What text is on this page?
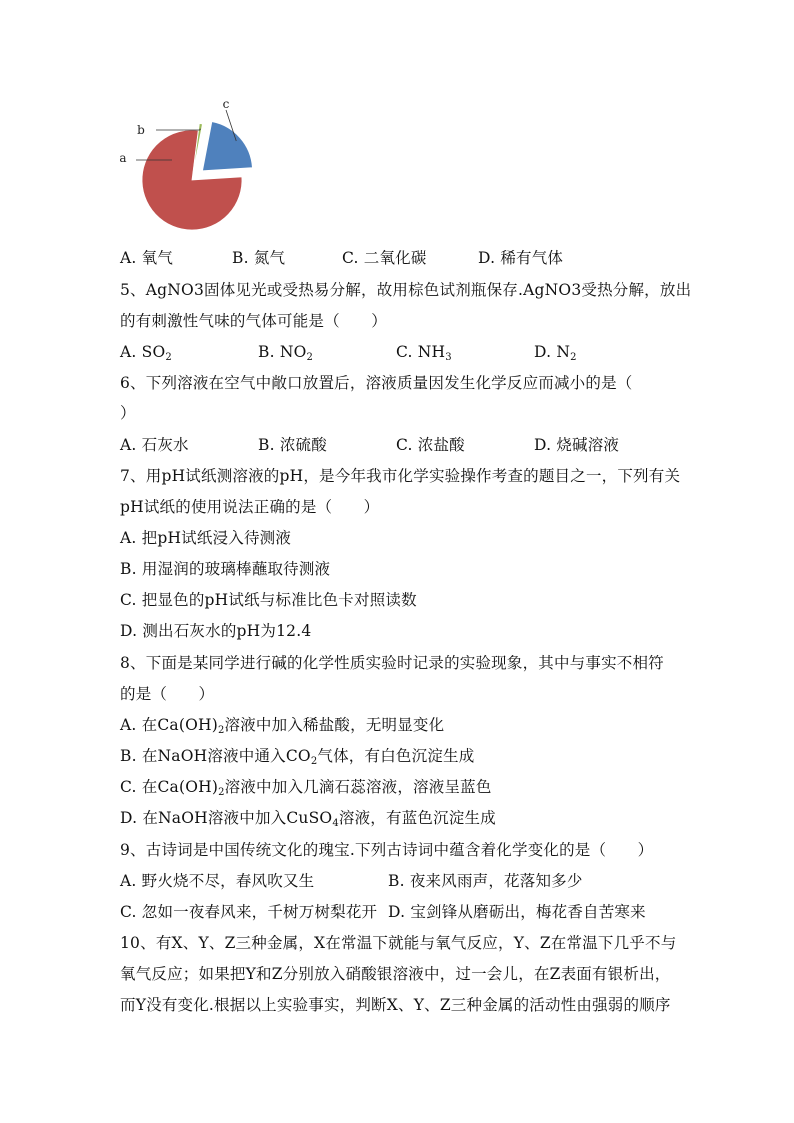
a
b
c
A. 氧气	B. 氮气	C. 二氧化碳	D. 稀有气体
5、AgNO3固体见光或受热易分解，故用棕色试剂瓶保存.AgNO3受热分解，放出
的有刺激性气味的气体可能是（　　）
A. $SO_2$	B. $NO_2$	C. $NH_3$	D. $N_2$
6、下列溶液在空气中敞口放置后，溶液质量因发生化学反应而减小的是（
）
A. 石灰水	B. 浓硫酸	C. 浓盐酸	D. 烧碱溶液
7、用pH试纸测溶液的pH，是今年我市化学实验操作考查的题目之一，下列有关
pH试纸的使用说法正确的是（　　）
A. 把pH试纸浸入待测液
B. 用湿润的玻璃棒蘸取待测液
C. 把显色的pH试纸与标准比色卡对照读数
D. 测出石灰水的pH为12.4
8、下面是某同学进行碱的化学性质实验时记录的实验现象，其中与事实不相符
的是（　　）
A. 在$Ca(OH)_2$溶液中加入稀盐酸，无明显变化
B. 在NaOH溶液中通入$CO_2$气体，有白色沉淀生成
C. 在$Ca(OH)_2$溶液中加入几滴石蕊溶液，溶液呈蓝色
D. 在NaOH溶液中加入CuSO$_4$溶液，有蓝色沉淀生成
9、古诗词是中国传统文化的瑰宝.下列古诗词中蕴含着化学变化的是（　　）
A. 野火烧不尽，春风吹又生	B. 夜来风雨声，花落知多少
C. 忽如一夜春风来，千树万树梨花开 D. 宝剑锋从磨砺出，梅花香自苦寒来
10、有X、Y、Z三种金属，X在常温下就能与氧气反应，Y、Z在常温下几乎不与
氧气反应；如果把Y和Z分别放入硝酸银溶液中，过一会儿，在Z表面有银析出，
而Y没有变化.根据以上实验事实，判断X、Y、Z三种金属的活动性由强弱的顺序
